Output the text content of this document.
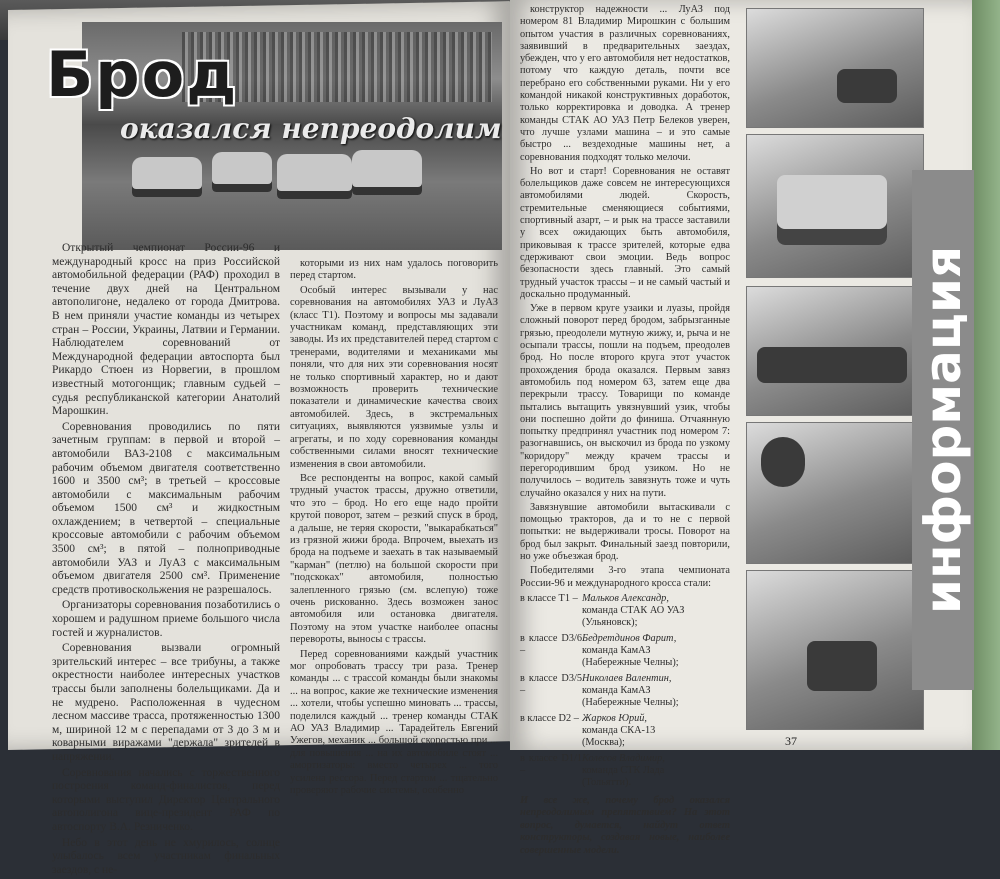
Брод
оказался непреодолим

Открытый чемпионат России-96 и международный кросс на приз Российской автомобильной федерации (РАФ) проходил в течение двух дней на Центральном автополигоне, недалеко от города Дмитрова. В нем приняли участие команды из четырех стран – России, Украины, Латвии и Германии. Наблюдателем соревнований от Международной федерации автоспорта был Рикардо Стюен из Норвегии, в прошлом известный мотогонщик; главным судьей – судья республиканской категории Анатолий Марошкин.

Соревнования проводились по пяти зачетным группам: в первой и второй – автомобили ВАЗ-2108 с максимальным рабочим объемом двигателя соответственно 1600 и 3500 см³; в третьей – кроссовые автомобили с максимальным рабочим объемом 1500 см³ и жидкостным охлаждением; в четвертой – специальные кроссовые автомобили с рабочим объемом 3500 см³; в пятой – полноприводные автомобили УАЗ и ЛуАЗ с максимальным объемом двигателя 2500 см³. Применение средств противоскольжения не разрешалось.

Организаторы соревнования позаботились о хорошем и радушном приеме большого числа гостей и журналистов.

Соревнования вызвали огромный зрительский интерес – все трибуны, а также окрестности наиболее интересных участков трассы были заполнены болельщиками. Да и не мудрено. Расположенная в чудесном лесном массиве трасса, протяженностью 1300 м, шириной 12 м с перепадами от 3 до 3 м и коварными виражами "держала" зрителей в напряжении.

Соревнования начались с торжественного построения команд-финалистов, перед которыми выступил Директор Центрального автополигона вице-президент РАФ по автоспорту В.А. Резниченко.

Небо в этот день не хмурилось, солнце улыбалось всем участникам финальных заездов, с не-

которыми из них нам удалось поговорить перед стартом.

Особый интерес вызывали у нас соревнования на автомобилях УАЗ и ЛуАЗ (класс Т1). Поэтому и вопросы мы задавали участникам команд, представляющих эти заводы. Из их представителей перед стартом с тренерами, водителями и механиками мы поняли, что для них эти соревнования носят не только спортивный характер, но и дают возможность проверить технические показатели и динамические качества своих автомобилей. Здесь, в экстремальных ситуациях, выявляются уязвимые узлы и агрегаты, и по ходу соревнования команды собственными силами вносят технические изменения в свои автомобили.

Все респонденты на вопрос, какой самый трудный участок трассы, дружно ответили, что это – брод. Но его еще надо пройти крутой поворот, затем – резкий спуск в брод, а дальше, не теряя скорости, "выкарабкаться" из грязной жижи брода. Впрочем, выехать из брода на подъеме и заехать в так называемый "карман" (петлю) на большой скорости при "подскоках" автомобиля, полностью залепленного грязью (см. вслепую) тоже очень рискованно. Здесь возможен занос автомобиля или остановка двигателя. Поэтому на этом участке наиболее опасны перевороты, выносы с трассы.

Перед соревнованиями каждый участник мог опробовать трассу три раза. Тренер команды ... с трассой команды были знакомы ... на вопрос, какие же технические изменения ... хотели, чтобы успешно миновать ... трассы, поделился каждый ... тренер команды СТАК АО УАЗ Владимир ... Тарадейтель Евгений Ужегов, механик ... большой скоростью при ... для повышения ... на их автомобиле стоят ... амортизаторы: вместо четырех ... того усилена рессора. Перед стартом ... тщательно проверяют рабочие системы, особенно

конструктор надежности ... ЛуАЗ под номером 81 Владимир Мирошкин с большим опытом участия в различных соревнованиях, заявивший в предварительных заездах, убежден, что у его автомобиля нет недостатков, потому что каждую деталь, почти все перебрано его собственными руками. Ни у его командой никакой конструктивных доработок, только корректировка и доводка. А тренер команды СТАК АО УАЗ Петр Белеков уверен, что лучше узлами машина – и это самые быстро ... вездеходные машины нет, а соревнования подходят только мелочи.

Но вот и старт! Соревнования не оставят болельщиков даже совсем не интересующихся автомобилями людей. Скорость, стремительные сменяющиеся событиями, спортивный азарт, – и рык на трассе заставили у всех ожидающих быть автомобиля, приковывая к трассе зрителей, которые едва сдерживают свои эмоции. Ведь вопрос безопасности здесь главный. Это самый трудный участок трассы – и не самый частый и доскально продуманный.

Уже в первом круге узаики и луазы, пройдя сложный поворот перед бродом, забрызганные грязью, преодолели мутную жижу, и, рыча и не осыпали трассы, пошли на подъем, преодолев брод. Но после второго круга этот участок прохождения брода оказался. Первым завяз автомобиль под номером 63, затем еще два перекрыли трассу. Товарищи по команде пытались вытащить увязнувший узик, чтобы они поспешно дойти до финиша. Отчаянную попытку предпринял участник под номером 7: разогнавшись, он выскочил из брода по узкому "коридору" между крачем трассы и перегородившим брод узиком. Но не получилось – водитель завязнуть тоже и чуть случайно оказался у них на пути.

Завязнувшие автомобили вытаскивали с помощью тракторов, да и то не с первой попытки: не выдерживали тросы. Поворот на брод был закрыт. Финальный заезд повторили, но уже объезжая брод.

Победителями 3-го этапа чемпионата России-96 и международного кросса стали:

в классе Т1 – Мальков Александр,
команда СТАК АО УАЗ
(Ульяновск);
в классе D3/6 –
Бедретдинов Фарит,
команда КамАЗ
(Набережные Челны);
в классе D3/5 –
Николаев Валентин,
команда КамАЗ
(Набережные Челны);
в классе D2 – Жарков Юрий,
команда СКА-13
(Москва);
в классе D1/1 –
Колесов Владимир,
команда СТК Лада
(Тольятти).
И все же, почему брод оказался непреодолимым препятствием? На этот вопрос, думается, найдут ответ конструкторы, создавая новые, наиболее совершенные модели.
информация
37
